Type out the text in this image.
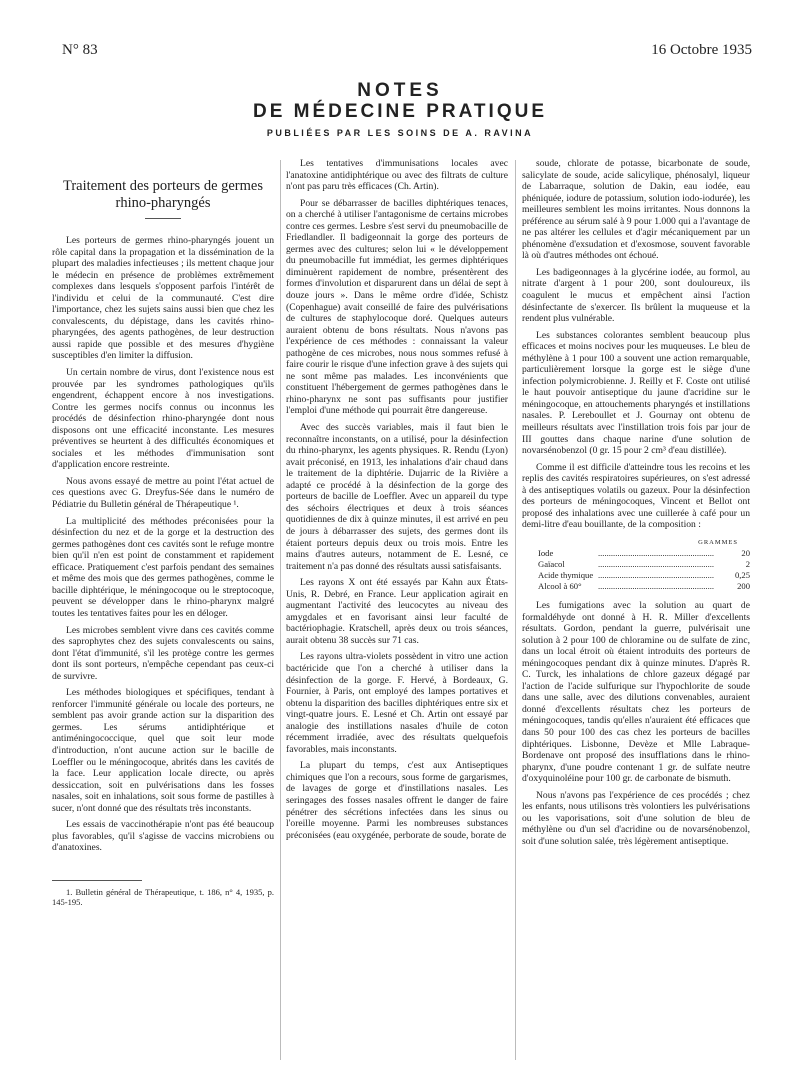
N° 83	16 Octobre 1935
NOTES
DE MÉDECINE PRATIQUE
PUBLIÉES PAR LES SOINS DE A. RAVINA
Traitement des porteurs de germes
rhino-pharyngés

Les porteurs de germes rhino-pharyngés jouent un rôle capital dans la propagation et la dissémination de la plupart des maladies infectieuses ; ils mettent chaque jour le médecin en présence de problèmes extrêmement complexes dans lesquels s'opposent parfois l'intérêt de l'individu et celui de la communauté. C'est dire l'importance, chez les sujets sains aussi bien que chez les convalescents, du dépistage, dans les cavités rhino-pharyngées, des agents pathogènes, de leur destruction aussi rapide que possible et des mesures d'hygiène susceptibles d'en limiter la diffusion.

Un certain nombre de virus, dont l'existence nous est prouvée par les syndromes pathologiques qu'ils engendrent, échappent encore à nos investigations. Contre les germes nocifs connus ou inconnus les procédés de désinfection rhino-pharyngée dont nous disposons ont une efficacité inconstante. Les mesures préventives se heurtent à des difficultés économiques et sociales et les méthodes d'immunisation sont d'application encore restreinte.

Nous avons essayé de mettre au point l'état actuel de ces questions avec G. Dreyfus-Sée dans le numéro de Pédiatrie du Bulletin général de Thérapeutique ¹.

La multiplicité des méthodes préconisées pour la désinfection du nez et de la gorge et la destruction des germes pathogènes dont ces cavités sont le refuge montre bien qu'il n'en est point de constamment et rapidement efficace. Pratiquement c'est parfois pendant des semaines et même des mois que des germes pathogènes, comme le bacille diphtérique, le méningocoque ou le streptocoque, peuvent se développer dans le rhino-pharynx malgré toutes les tentatives faites pour les en déloger.

Les microbes semblent vivre dans ces cavités comme des saprophytes chez des sujets convalescents ou sains, dont l'état d'immunité, s'il les protège contre les germes dont ils sont porteurs, n'empêche cependant pas ceux-ci de survivre.

Les méthodes biologiques et spécifiques, tendant à renforcer l'immunité générale ou locale des porteurs, ne semblent pas avoir grande action sur la disparition des germes. Les sérums antidiphtérique et antiméningococcique, quel que soit leur mode d'introduction, n'ont aucune action sur le bacille de Loeffler ou le méningocoque, abrités dans les cavités de la face. Leur application locale directe, ou après dessiccation, soit en pulvérisations dans les fosses nasales, soit en inhalations, soit sous forme de pastilles à sucer, n'ont donné que des résultats très inconstants.

Les essais de vaccinothérapie n'ont pas été beaucoup plus favorables, qu'il s'agisse de vaccins microbiens ou d'anatoxines.

1. Bulletin général de Thérapeutique, t. 186, n° 4, 1935, p. 145-195.

Les tentatives d'immunisations locales avec l'anatoxine antidiphtérique ou avec des filtrats de culture n'ont pas paru très efficaces (Ch. Artin).

Pour se débarrasser de bacilles diphtériques tenaces, on a cherché à utiliser l'antagonisme de certains microbes contre ces germes. Lesbre s'est servi du pneumobacille de Friedlandler. Il badigeonnait la gorge des porteurs de germes avec des cultures; selon lui « le développement du pneumobacille fut immédiat, les germes diphtériques diminuèrent rapidement de nombre, présentèrent des formes d'involution et disparurent dans un délai de sept à douze jours ». Dans le même ordre d'idée, Schistz (Copenhague) avait conseillé de faire des pulvérisations de cultures de staphylocoque doré. Quelques auteurs auraient obtenu de bons résultats. Nous n'avons pas l'expérience de ces méthodes : connaissant la valeur pathogène de ces microbes, nous nous sommes refusé à faire courir le risque d'une infection grave à des sujets qui ne sont même pas malades. Les inconvénients que constituent l'hébergement de germes pathogènes dans le rhino-pharynx ne sont pas suffisants pour justifier l'emploi d'une méthode qui pourrait être dangereuse.

Avec des succès variables, mais il faut bien le reconnaître inconstants, on a utilisé, pour la désinfection du rhino-pharynx, les agents physiques. R. Rendu (Lyon) avait préconisé, en 1913, les inhalations d'air chaud dans le traitement de la diphtérie. Dujarric de la Rivière a adapté ce procédé à la désinfection de la gorge des porteurs de bacille de Loeffler. Avec un appareil du type des séchoirs électriques et deux à trois séances quotidiennes de dix à quinze minutes, il est arrivé en peu de jours à débarrasser des sujets, des germes dont ils étaient porteurs depuis deux ou trois mois. Entre les mains d'autres auteurs, notamment de E. Lesné, ce traitement n'a pas donné des résultats aussi satisfaisants.

Les rayons X ont été essayés par Kahn aux États-Unis, R. Debré, en France. Leur application agirait en augmentant l'activité des leucocytes au niveau des amygdales et en favorisant ainsi leur faculté de bactériophagie. Kratschell, après deux ou trois séances, aurait obtenu 38 succès sur 71 cas.

Les rayons ultra-violets possèdent in vitro une action bactéricide que l'on a cherché à utiliser dans la désinfection de la gorge. F. Hervé, à Bordeaux, G. Fournier, à Paris, ont employé des lampes portatives et obtenu la disparition des bacilles diphtériques entre six et vingt-quatre jours. E. Lesné et Ch. Artin ont essayé par analogie des instillations nasales d'huile de coton récemment irradiée, avec des résultats quelquefois favorables, mais inconstants.

La plupart du temps, c'est aux Antiseptiques chimiques que l'on a recours, sous forme de gargarismes, de lavages de gorge et d'instillations nasales. Les seringages des fosses nasales offrent le danger de faire pénétrer des sécrétions infectées dans les sinus ou l'oreille moyenne. Parmi les nombreuses substances préconisées (eau oxygénée, perborate de soude, borate de

soude, chlorate de potasse, bicarbonate de soude, salicylate de soude, acide salicylique, phénosalyl, liqueur de Labarraque, solution de Dakin, eau iodée, eau phéniquée, iodure de potassium, solution iodo-iodurée), les meilleures semblent les moins irritantes. Nous donnons la préférence au sérum salé à 9 pour 1.000 qui a l'avantage de ne pas altérer les cellules et d'agir mécaniquement par un phénomène d'exsudation et d'exosmose, souvent favorable là où d'autres méthodes ont échoué.

Les badigeonnages à la glycérine iodée, au formol, au nitrate d'argent à 1 pour 200, sont douloureux, ils coagulent le mucus et empêchent ainsi l'action désinfectante de s'exercer. Ils brûlent la muqueuse et la rendent plus vulnérable.

Les substances colorantes semblent beaucoup plus efficaces et moins nocives pour les muqueuses. Le bleu de méthylène à 1 pour 100 a souvent une action remarquable, particulièrement lorsque la gorge est le siège d'une infection polymicrobienne. J. Reilly et F. Coste ont utilisé le haut pouvoir antiseptique du jaune d'acridine sur le méningocoque, en attouchements pharyngés et instillations nasales. P. Lereboullet et J. Gournay ont obtenu de meilleurs résultats avec l'instillation trois fois par jour de III gouttes dans chaque narine d'une solution de novarsénobenzol (0 gr. 15 pour 2 cm³ d'eau distillée).

Comme il est difficile d'atteindre tous les recoins et les replis des cavités respiratoires supérieures, on s'est adressé à des antiseptiques volatils ou gazeux. Pour la désinfection des porteurs de méningocoques, Vincent et Bellot ont proposé des inhalations avec une cuillerée à café pour un demi-litre d'eau bouillante, de la composition :

GRAMMES
Iode .....	20
Gaïacol .....	2
Acide thymique .....	0,25
Alcool à 60° .....	200

Les fumigations avec la solution au quart de formaldéhyde ont donné à H. R. Miller d'excellents résultats. Gordon, pendant la guerre, pulvérisait une solution à 2 pour 100 de chloramine ou de sulfate de zinc, dans un local étroit où étaient introduits des porteurs de méningocoques pendant dix à quinze minutes. D'après R. C. Turck, les inhalations de chlore gazeux dégagé par l'action de l'acide sulfurique sur l'hypochlorite de soude dans une salle, avec des dilutions convenables, auraient donné d'excellents résultats chez les porteurs de méningocoques, tandis qu'elles n'auraient été efficaces que dans 50 pour 100 des cas chez les porteurs de bacilles diphtériques. Lisbonne, Devèze et Mlle Labraque-Bordenave ont proposé des insufflations dans le rhino-pharynx, d'une poudre contenant 1 gr. de sulfate neutre d'oxyquinoléine pour 100 gr. de carbonate de bismuth.

Nous n'avons pas l'expérience de ces procédés ; chez les enfants, nous utilisons très volontiers les pulvérisations ou les vaporisations, soit d'une solution de bleu de méthylène ou d'un sel d'acridine ou de novarsénobenzol, soit d'une solution salée, très légèrement antiseptique.
